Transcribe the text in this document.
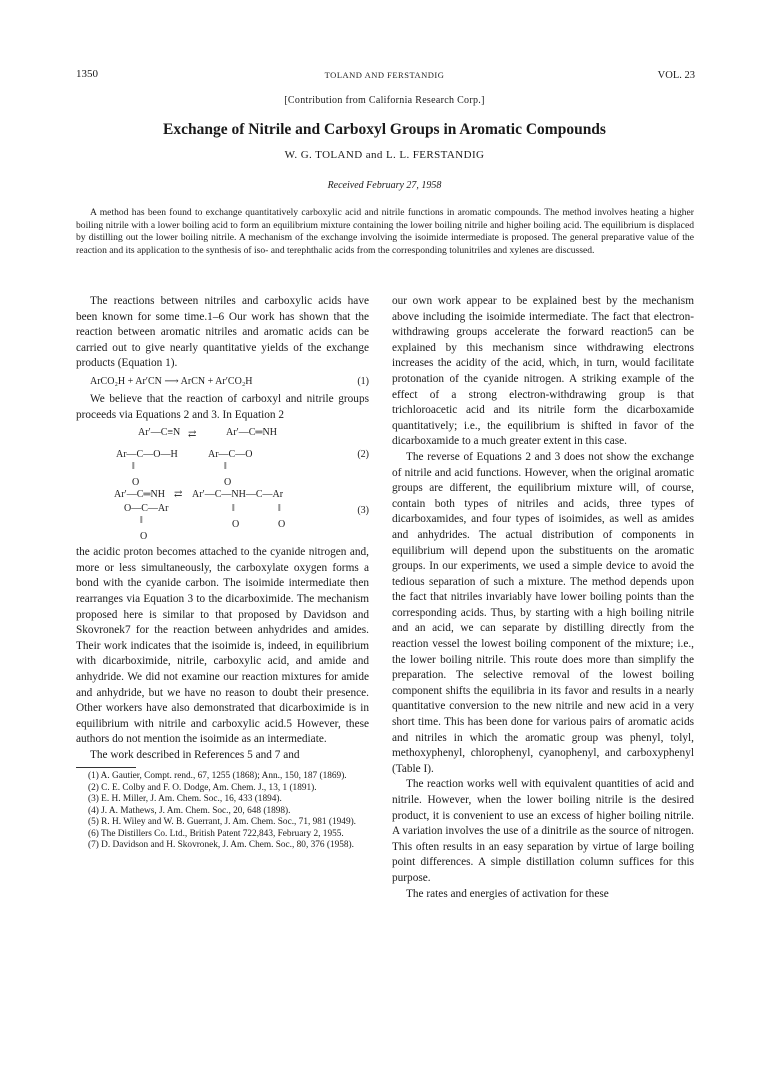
1350	TOLAND AND FERSTANDIG	VOL. 23
[Contribution from California Research Corp.]
Exchange of Nitrile and Carboxyl Groups in Aromatic Compounds
W. G. TOLAND and L. L. FERSTANDIG
Received February 27, 1958
A method has been found to exchange quantitatively carboxylic acid and nitrile functions in aromatic compounds. The method involves heating a higher boiling nitrile with a lower boiling acid to form an equilibrium mixture containing the lower boiling nitrile and higher boiling acid. The equilibrium is displaced by distilling out the lower boiling nitrile. A mechanism of the exchange involving the isoimide intermediate is proposed. The general preparative value of the reaction and its application to the synthesis of iso- and terephthalic acids from the corresponding tolunitriles and xylenes are discussed.

The reactions between nitriles and carboxylic acids have been known for some time.1–6 Our work has shown that the reaction between aromatic nitriles and aromatic acids can be carried out to give nearly quantitative yields of the exchange products (Equation 1).

ArCO₂H + Ar′CN ⟶ ArCN + Ar′CO₂H	(1)

We believe that the reaction of carboxyl and nitrile groups proceeds via Equations 2 and 3. In Equation 2

Ar′—C≡N ⇄	Ar′—C═NH
Ar—C—O—H
‖
O
Ar—C—O
‖
O
(2)
Ar′—C═NH ⇄ Ar′—C—NH—C—Ar
O—C—Ar
‖
O
‖
O
‖
O
(3)

the acidic proton becomes attached to the cyanide nitrogen and, more or less simultaneously, the carboxylate oxygen forms a bond with the cyanide carbon. The isoimide intermediate then rearranges via Equation 3 to the dicarboximide. The mechanism proposed here is similar to that proposed by Davidson and Skovronek7 for the reaction between anhydrides and amides. Their work indicates that the isoimide is, indeed, in equilibrium with dicarboximide, nitrile, carboxylic acid, and amide and anhydride. We did not examine our reaction mixtures for amide and anhydride, but we have no reason to doubt their presence. Other workers have also demonstrated that dicarboximide is in equilibrium with nitrile and carboxylic acid.5 However, these authors do not mention the isoimide as an intermediate.

The work described in References 5 and 7 and

(1) A. Gautier, Compt. rend., 67, 1255 (1868); Ann., 150, 187 (1869).
(2) C. E. Colby and F. O. Dodge, Am. Chem. J., 13, 1 (1891).
(3) E. H. Miller, J. Am. Chem. Soc., 16, 433 (1894).
(4) J. A. Mathews, J. Am. Chem. Soc., 20, 648 (1898).
(5) R. H. Wiley and W. B. Guerrant, J. Am. Chem. Soc., 71, 981 (1949).
(6) The Distillers Co. Ltd., British Patent 722,843, February 2, 1955.
(7) D. Davidson and H. Skovronek, J. Am. Chem. Soc., 80, 376 (1958).

our own work appear to be explained best by the mechanism above including the isoimide intermediate. The fact that electron-withdrawing groups accelerate the forward reaction5 can be explained by this mechanism since withdrawing electrons increases the acidity of the acid, which, in turn, would facilitate protonation of the cyanide nitrogen. A striking example of the effect of a strong electron-withdrawing group is that trichloroacetic acid and its nitrile form the dicarboxamide quantitatively; i.e., the equilibrium is shifted in favor of the dicarboxamide to a much greater extent in this case.

The reverse of Equations 2 and 3 does not show the exchange of nitrile and acid functions. However, when the original aromatic groups are different, the equilibrium mixture will, of course, contain both types of nitriles and acids, three types of dicarboxamides, and four types of isoimides, as well as amides and anhydrides. The actual distribution of components in equilibrium will depend upon the substituents on the aromatic groups. In our experiments, we used a simple device to avoid the tedious separation of such a mixture. The method depends upon the fact that nitriles invariably have lower boiling points than the corresponding acids. Thus, by starting with a high boiling nitrile and an acid, we can separate by distilling directly from the reaction vessel the lowest boiling component of the mixture; i.e., the lower boiling nitrile. This route does more than simplify the preparation. The selective removal of the lowest boiling component shifts the equilibria in its favor and results in a nearly quantitative conversion to the new nitrile and new acid in a very short time. This has been done for various pairs of aromatic acids and nitriles in which the aromatic group was phenyl, tolyl, methoxyphenyl, chlorophenyl, cyanophenyl, and carboxyphenyl (Table I).

The reaction works well with equivalent quantities of acid and nitrile. However, when the lower boiling nitrile is the desired product, it is convenient to use an excess of higher boiling nitrile. A variation involves the use of a dinitrile as the source of nitrogen. This often results in an easy separation by virtue of large boiling point differences. A simple distillation column suffices for this purpose.

The rates and energies of activation for these
